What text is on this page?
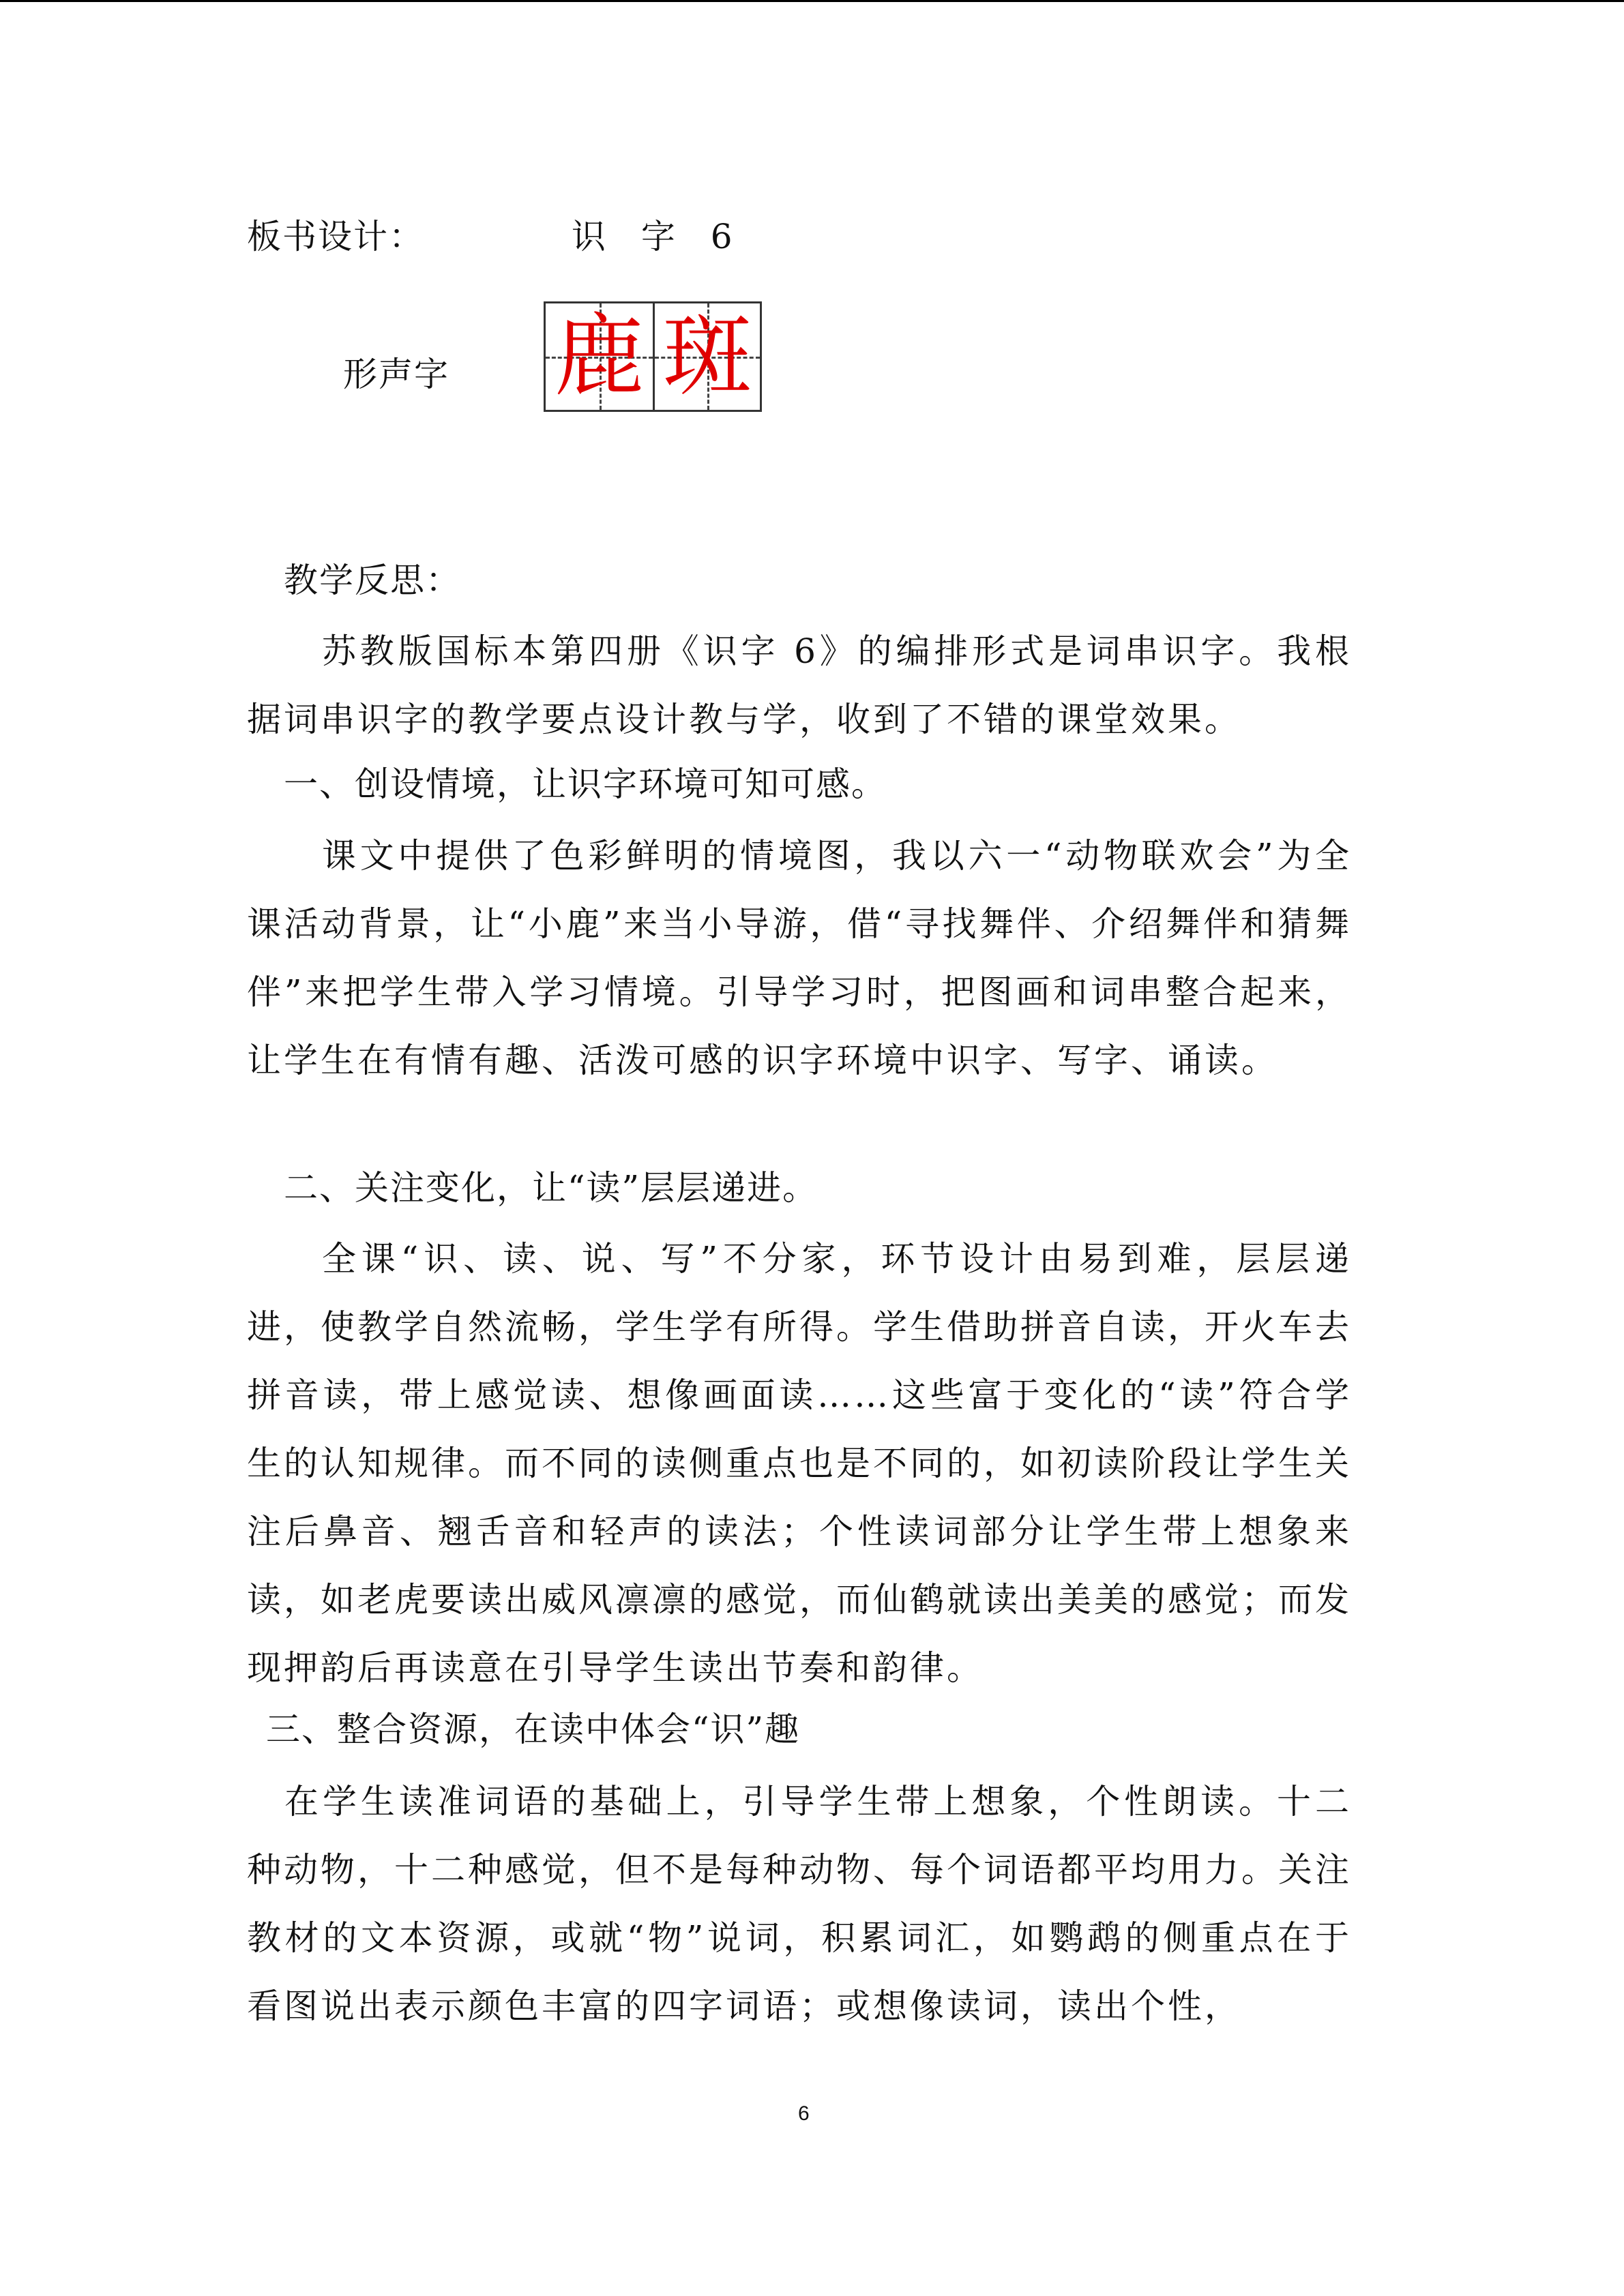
板书设计：	识 字 6
形声字 鹿 斑
教学反思：
苏教版国标本第四册《识字 6》的编排形式是词串识字。我根据词串识字的教学要点设计教与学，收到了不错的课堂效果。
一、创设情境，让识字环境可知可感。
课文中提供了色彩鲜明的情境图，我以六一“动物联欢会”为全课活动背景，让“小鹿”来当小导游，借“寻找舞伴、介绍舞伴和猜舞伴”来把学生带入学习情境。引导学习时，把图画和词串整合起来，让学生在有情有趣、活泼可感的识字环境中识字、写字、诵读。
二、关注变化，让“读”层层递进。
全课“识、读、说、写”不分家，环节设计由易到难，层层递进，使教学自然流畅，学生学有所得。学生借助拼音自读，开火车去拼音读，带上感觉读、想像画面读……这些富于变化的“读”符合学生的认知规律。而不同的读侧重点也是不同的，如初读阶段让学生关注后鼻音、翘舌音和轻声的读法；个性读词部分让学生带上想象来读，如老虎要读出威风凛凛的感觉，而仙鹤就读出美美的感觉；而发现押韵后再读意在引导学生读出节奏和韵律。
三、整合资源，在读中体会“识”趣
在学生读准词语的基础上，引导学生带上想象，个性朗读。十二种动物，十二种感觉，但不是每种动物、每个词语都平均用力。关注教材的文本资源，或就“物”说词，积累词汇，如鹦鹉的侧重点在于看图说出表示颜色丰富的四字词语；或想像读词，读出个性，
6
